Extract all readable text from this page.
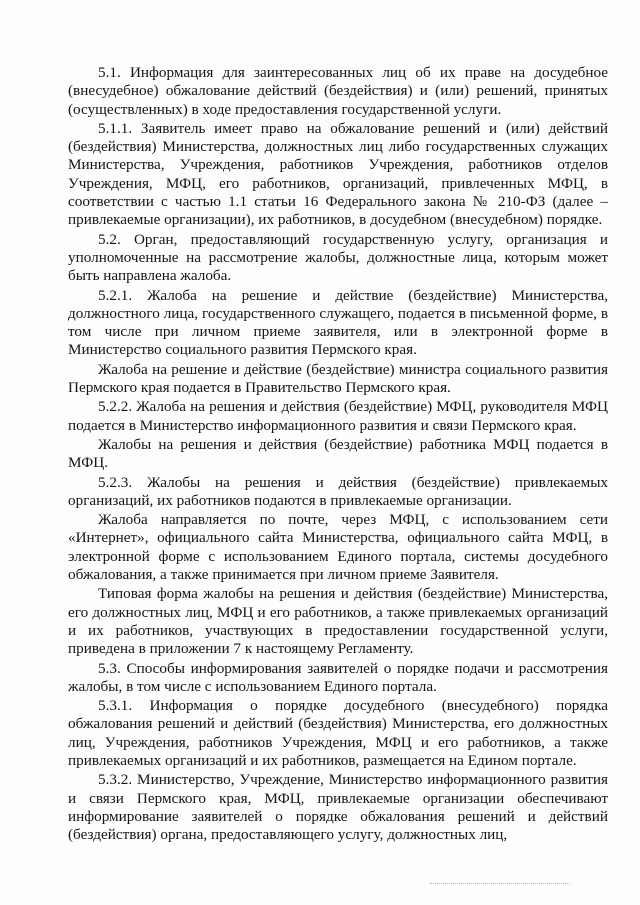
5.1. Информация для заинтересованных лиц об их праве на досудебное (внесудебное) обжалование действий (бездействия) и (или) решений, принятых (осуществленных) в ходе предоставления государственной услуги.

5.1.1. Заявитель имеет право на обжалование решений и (или) действий (бездействия) Министерства, должностных лиц либо государственных служащих Министерства, Учреждения, работников Учреждения, работников отделов Учреждения, МФЦ, его работников, организаций, привлеченных МФЦ, в соответствии с частью 1.1 статьи 16 Федерального закона № 210-ФЗ (далее – привлекаемые организации), их работников, в досудебном (внесудебном) порядке.

5.2. Орган, предоставляющий государственную услугу, организация и уполномоченные на рассмотрение жалобы, должностные лица, которым может быть направлена жалоба.

5.2.1. Жалоба на решение и действие (бездействие) Министерства, должностного лица, государственного служащего, подается в письменной форме, в том числе при личном приеме заявителя, или в электронной форме в Министерство социального развития Пермского края.

Жалоба на решение и действие (бездействие) министра социального развития Пермского края подается в Правительство Пермского края.

5.2.2. Жалоба на решения и действия (бездействие) МФЦ, руководителя МФЦ подается в Министерство информационного развития и связи Пермского края.

Жалобы на решения и действия (бездействие) работника МФЦ подается в МФЦ.

5.2.3. Жалобы на решения и действия (бездействие) привлекаемых организаций, их работников подаются в привлекаемые организации.

Жалоба направляется по почте, через МФЦ, с использованием сети «Интернет», официального сайта Министерства, официального сайта МФЦ, в электронной форме с использованием Единого портала, системы досудебного обжалования, а также принимается при личном приеме Заявителя.

Типовая форма жалобы на решения и действия (бездействие) Министерства, его должностных лиц, МФЦ и его работников, а также привлекаемых организаций и их работников, участвующих в предоставлении государственной услуги, приведена в приложении 7 к настоящему Регламенту.

5.3. Способы информирования заявителей о порядке подачи и рассмотрения жалобы, в том числе с использованием Единого портала.

5.3.1. Информация о порядке досудебного (внесудебного) порядка обжалования решений и действий (бездействия) Министерства, его должностных лиц, Учреждения, работников Учреждения, МФЦ и его работников, а также привлекаемых организаций и их работников, размещается на Едином портале.

5.3.2. Министерство, Учреждение, Министерство информационного развития и связи Пермского края, МФЦ, привлекаемые организации обеспечивают информирование заявителей о порядке обжалования решений и действий (бездействия) органа, предоставляющего услугу, должностных лиц,
